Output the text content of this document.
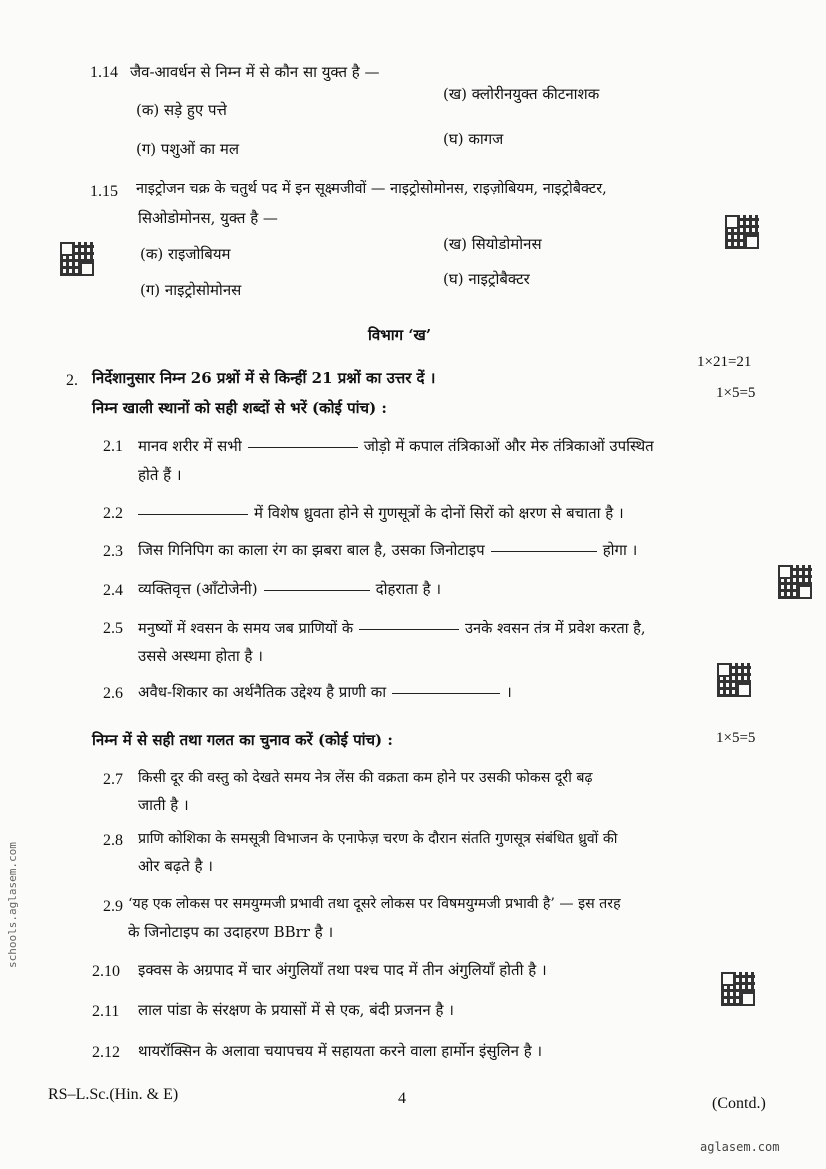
1.14 जैव-आवर्धन से निम्न में से कौन सा युक्त है —
(क) सड़े हुए पत्ते
(ख) क्लोरीनयुक्त कीटनाशक
(ग) पशुओं का मल
(घ) कागज
1.15 नाइट्रोजन चक्र के चतुर्थ पद में इन सूक्ष्मजीवों — नाइट्रोसोमोनस, राइज़ोबियम, नाइट्रोबैक्टर,
सिओडोमोनस, युक्त है —
(क) राइजोबियम
(ख) सियोडोमोनस
(ग) नाइट्रोसोमोनस
(घ) नाइट्रोबैक्टर
विभाग ‘ख’
2. निर्देशानुसार निम्न 26 प्रश्नों में से किन्हीं 21 प्रश्नों का उत्तर दें ।
1×21=21
निम्न खाली स्थानों को सही शब्दों से भरें (कोई पांच) :
1×5=5
2.1 मानव शरीर में सभी	जोड़ो में कपाल तंत्रिकाओं और मेरु तंत्रिकाओं उपस्थित
होते हैं ।
2.2	में विशेष ध्रुवता होने से गुणसूत्रों के दोनों सिरों को क्षरण से बचाता है ।
2.3 जिस गिनिपिग का काला रंग का झबरा बाल है, उसका जिनोटाइप	होगा ।
2.4 व्यक्तिवृत्त (ऑंटोजेनी)	दोहराता है ।
2.5 मनुष्यों में श्वसन के समय जब प्राणियों के	उनके श्वसन तंत्र में प्रवेश करता है,
उससे अस्थमा होता है ।
2.6 अवैध-शिकार का अर्थनैतिक उद्देश्य है प्राणी का	।
निम्न में से सही तथा गलत का चुनाव करें (कोई पांच) :	1×5=5
2.7 किसी दूर की वस्तु को देखते समय नेत्र लेंस की वक्रता कम होने पर उसकी फोकस दूरी बढ़
जाती है ।
2.8 प्राणि कोशिका के समसूत्री विभाजन के एनाफेज़ चरण के दौरान संतति गुणसूत्र संबंधित ध्रुवों की
ओर बढ़ते है ।
2.9 ‘यह एक लोकस पर समयुग्मजी प्रभावी तथा दूसरे लोकस पर विषमयुग्मजी प्रभावी है’ — इस तरह
के जिनोटाइप का उदाहरण BBrr है ।
2.10 इक्वस के अग्रपाद में चार अंगुलियाँ तथा पश्च पाद में तीन अंगुलियाँ होती है ।
2.11 लाल पांडा के संरक्षण के प्रयासों में से एक, बंदी प्रजनन है ।
2.12 थायरॉक्सिन के अलावा चयापचय में सहायता करने वाला हार्मोन इंसुलिन है ।
RS–L.Sc.(Hin. & E)	4	(Contd.)
aglasem.com
schools.aglasem.com
